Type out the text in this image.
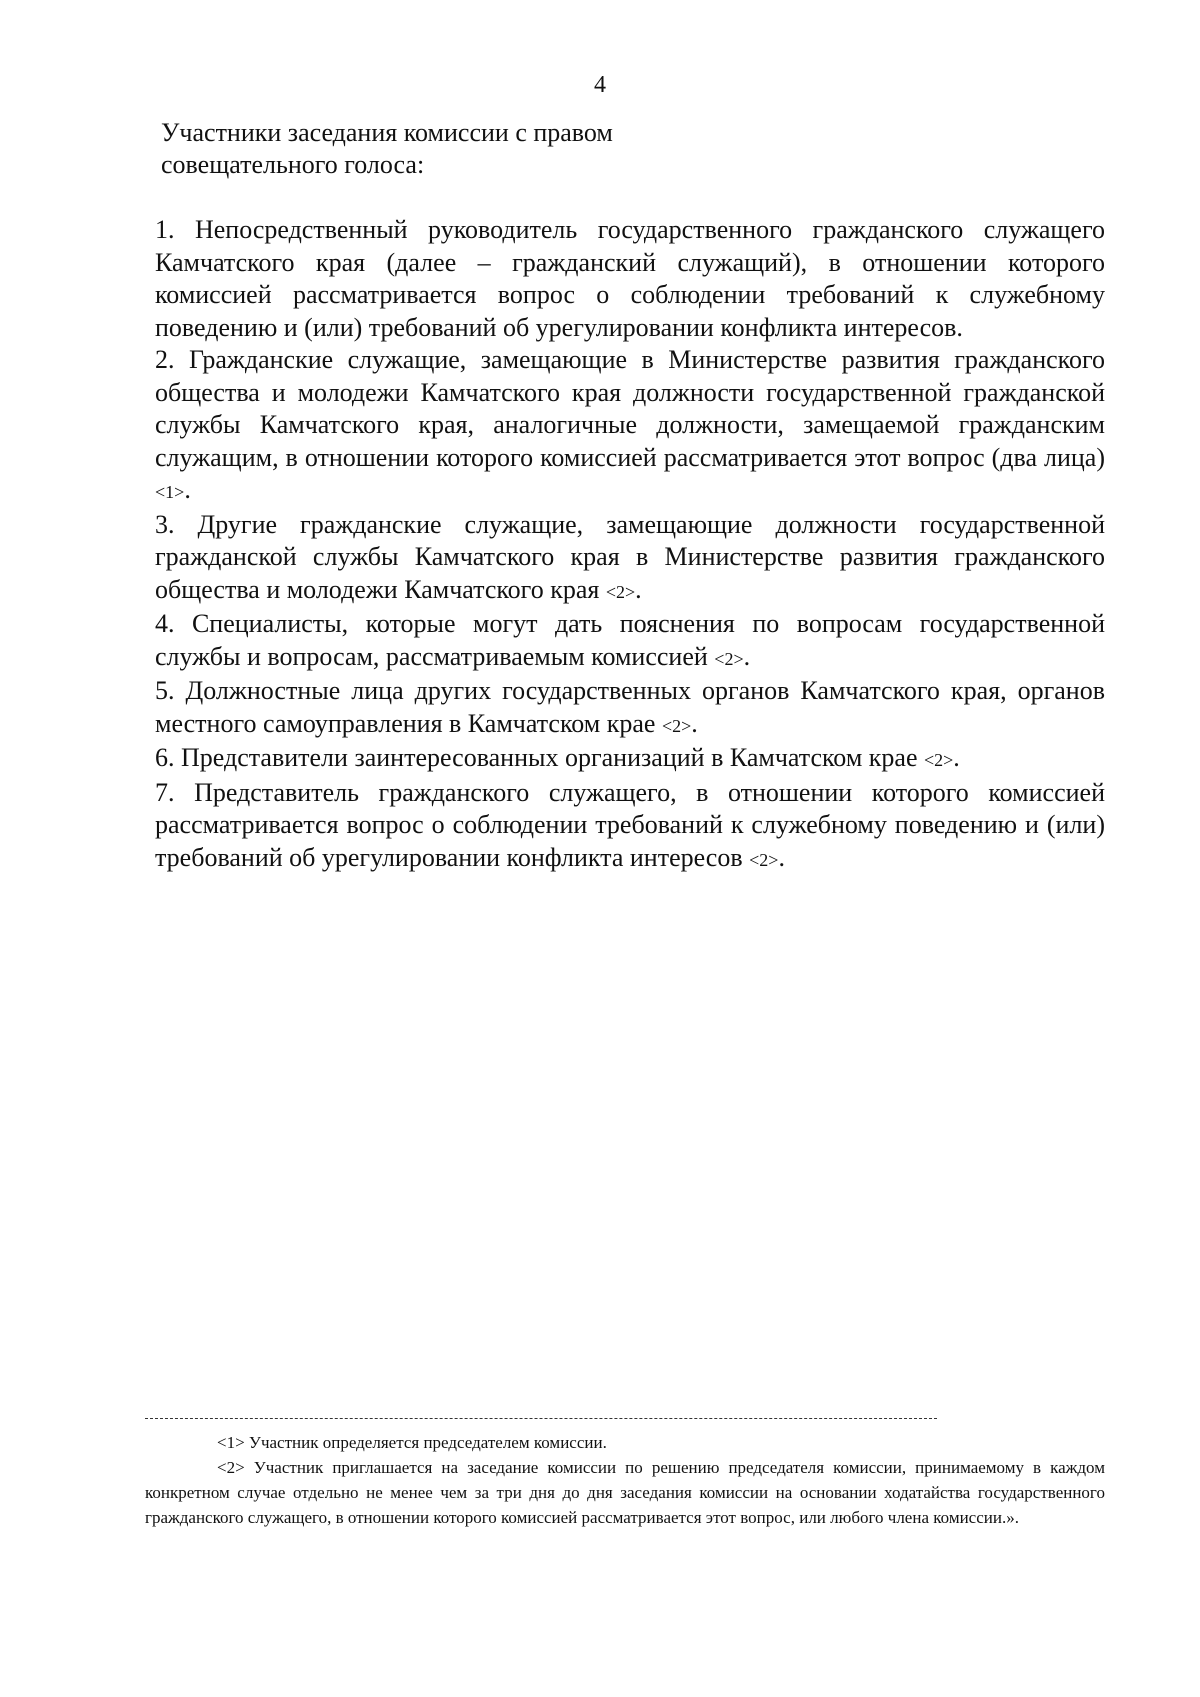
4
Участники заседания комиссии с правом совещательного голоса:

1. Непосредственный руководитель государственного гражданского служащего Камчатского края (далее – гражданский служащий), в отношении которого комиссией рассматривается вопрос о соблюдении требований к служебному поведению и (или) требований об урегулировании конфликта интересов.

2. Гражданские служащие, замещающие в Министерстве развития гражданского общества и молодежи Камчатского края должности государственной гражданской службы Камчатского края, аналогичные должности, замещаемой гражданским служащим, в отношении которого комиссией рассматривается этот вопрос (два лица) <1>.

3. Другие гражданские служащие, замещающие должности государственной гражданской службы Камчатского края в Министерстве развития гражданского общества и молодежи Камчатского края <2>.

4. Специалисты, которые могут дать пояснения по вопросам государственной службы и вопросам, рассматриваемым комиссией <2>.

5. Должностные лица других государственных органов Камчатского края, органов местного самоуправления в Камчатском крае <2>.

6. Представители заинтересованных организаций в Камчатском крае <2>.

7. Представитель гражданского служащего, в отношении которого комиссией рассматривается вопрос о соблюдении требований к служебному поведению и (или) требований об урегулировании конфликта интересов <2>.

<1> Участник определяется председателем комиссии.

<2> Участник приглашается на заседание комиссии по решению председателя комиссии, принимаемому в каждом конкретном случае отдельно не менее чем за три дня до дня заседания комиссии на основании ходатайства государственного гражданского служащего, в отношении которого комиссией рассматривается этот вопрос, или любого члена комиссии.».
